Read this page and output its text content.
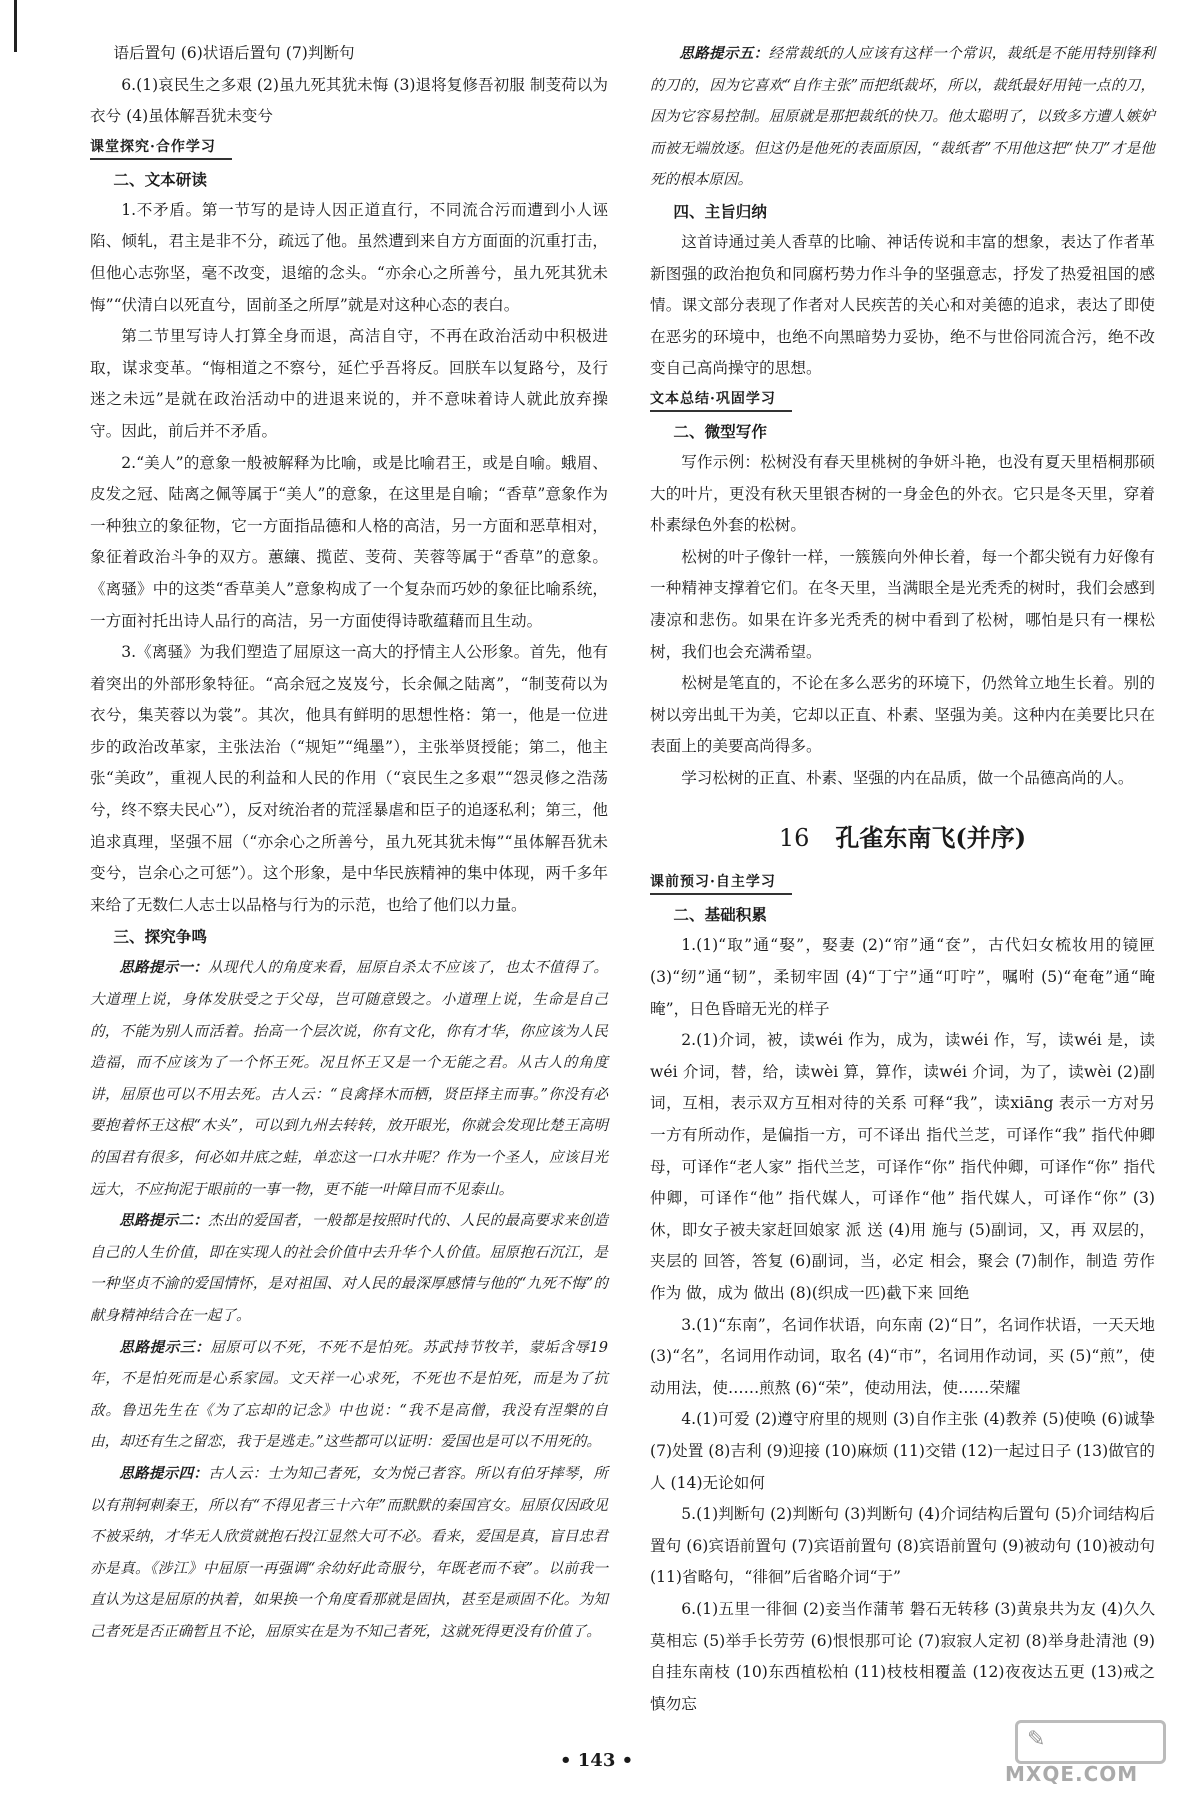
语后置句 (6)状语后置句 (7)判断句

6.(1)哀民生之多艰 (2)虽九死其犹未悔 (3)退将复修吾初服 制芰荷以为衣兮 (4)虽体解吾犹未变兮

课堂探究·合作学习
二、文本研读

1.不矛盾。第一节写的是诗人因正道直行，不同流合污而遭到小人诬陷、倾轧，君主是非不分，疏远了他。虽然遭到来自方方面面的沉重打击，但他心志弥坚，毫不改变，退缩的念头。“亦余心之所善兮，虽九死其犹未悔”“伏清白以死直兮，固前圣之所厚”就是对这种心态的表白。

第二节里写诗人打算全身而退，高洁自守，不再在政治活动中积极进取，谋求变革。“悔相道之不察兮，延伫乎吾将反。回朕车以复路兮，及行迷之未远”是就在政治活动中的进退来说的，并不意味着诗人就此放弃操守。因此，前后并不矛盾。

2.“美人”的意象一般被解释为比喻，或是比喻君王，或是自喻。蛾眉、皮发之冠、陆离之佩等属于“美人”的意象，在这里是自喻；“香草”意象作为一种独立的象征物，它一方面指品德和人格的高洁，另一方面和恶草相对，象征着政治斗争的双方。蕙纕、揽茝、芰荷、芙蓉等属于“香草”的意象。《离骚》中的这类“香草美人”意象构成了一个复杂而巧妙的象征比喻系统，一方面衬托出诗人品行的高洁，另一方面使得诗歌蕴藉而且生动。

3.《离骚》为我们塑造了屈原这一高大的抒情主人公形象。首先，他有着突出的外部形象特征。“高余冠之岌岌兮，长余佩之陆离”，“制芰荷以为衣兮，集芙蓉以为裳”。其次，他具有鲜明的思想性格：第一，他是一位进步的政治改革家，主张法治（“规矩”“绳墨”），主张举贤授能；第二，他主张“美政”，重视人民的利益和人民的作用（“哀民生之多艰”“怨灵修之浩荡兮，终不察夫民心”），反对统治者的荒淫暴虐和臣子的追逐私利；第三，他追求真理，坚强不屈（“亦余心之所善兮，虽九死其犹未悔”“虽体解吾犹未变兮，岂余心之可惩”）。这个形象，是中华民族精神的集中体现，两千多年来给了无数仁人志士以品格与行为的示范，也给了他们以力量。

三、探究争鸣

思路提示一：从现代人的角度来看，屈原自杀太不应该了，也太不值得了。大道理上说，身体发肤受之于父母，岂可随意毁之。小道理上说，生命是自己的，不能为别人而活着。抬高一个层次说，你有文化，你有才华，你应该为人民造福，而不应该为了一个怀王死。况且怀王又是一个无能之君。从古人的角度讲，屈原也可以不用去死。古人云：“良禽择木而栖，贤臣择主而事。”你没有必要抱着怀王这根“木头”，可以到九州去转转，放开眼光，你就会发现比楚王高明的国君有很多，何必如井底之蛙，单恋这一口水井呢？作为一个圣人，应该目光远大，不应拘泥于眼前的一事一物，更不能一叶障目而不见泰山。

思路提示二：杰出的爱国者，一般都是按照时代的、人民的最高要求来创造自己的人生价值，即在实现人的社会价值中去升华个人价值。屈原抱石沉江，是一种坚贞不渝的爱国情怀，是对祖国、对人民的最深厚感情与他的“九死不悔”的献身精神结合在一起了。

思路提示三：屈原可以不死，不死不是怕死。苏武持节牧羊，蒙垢含辱19年，不是怕死而是心系家园。文天祥一心求死，不死也不是怕死，而是为了抗敌。鲁迅先生在《为了忘却的记念》中也说：“我不是高僧，我没有涅槃的自由，却还有生之留恋，我于是逃走。”这些都可以证明：爱国也是可以不用死的。

思路提示四：古人云：士为知己者死，女为悦己者容。所以有伯牙摔琴，所以有荆轲刺秦王，所以有“不得见者三十六年”而默默的秦国宫女。屈原仅因政见不被采纳，才华无人欣赏就抱石投江显然大可不必。看来，爱国是真，盲目忠君亦是真。《涉江》中屈原一再强调“余幼好此奇服兮，年既老而不衰”。以前我一直认为这是屈原的执着，如果换一个角度看那就是固执，甚至是顽固不化。为知己者死是否正确暂且不论，屈原实在是为不知己者死，这就死得更没有价值了。

思路提示五：经常裁纸的人应该有这样一个常识，裁纸是不能用特别锋利的刀的，因为它喜欢“自作主张”而把纸裁坏，所以，裁纸最好用钝一点的刀，因为它容易控制。屈原就是那把裁纸的快刀。他太聪明了，以致多方遭人嫉妒而被无端放逐。但这仍是他死的表面原因，“裁纸者”不用他这把“快刀”才是他死的根本原因。

四、主旨归纳

这首诗通过美人香草的比喻、神话传说和丰富的想象，表达了作者革新图强的政治抱负和同腐朽势力作斗争的坚强意志，抒发了热爱祖国的感情。课文部分表现了作者对人民疾苦的关心和对美德的追求，表达了即使在恶劣的环境中，也绝不向黑暗势力妥协，绝不与世俗同流合污，绝不改变自己高尚操守的思想。

文本总结·巩固学习
二、微型写作

写作示例：松树没有春天里桃树的争妍斗艳，也没有夏天里梧桐那硕大的叶片，更没有秋天里银杏树的一身金色的外衣。它只是冬天里，穿着朴素绿色外套的松树。

松树的叶子像针一样，一簇簇向外伸长着，每一个都尖锐有力好像有一种精神支撑着它们。在冬天里，当满眼全是光秃秃的树时，我们会感到凄凉和悲伤。如果在许多光秃秃的树中看到了松树，哪怕是只有一棵松树，我们也会充满希望。

松树是笔直的，不论在多么恶劣的环境下，仍然耸立地生长着。别的树以旁出虬干为美，它却以正直、朴素、坚强为美。这种内在美要比只在表面上的美要高尚得多。

学习松树的正直、朴素、坚强的内在品质，做一个品德高尚的人。

16 孔雀东南飞(并序)
课前预习·自主学习
二、基础积累

1.(1)“取”通“娶”，娶妻 (2)“帘”通“奁”，古代妇女梳妆用的镜匣 (3)“纫”通“韧”，柔韧牢固 (4)“丁宁”通“叮咛”，嘱咐 (5)“奄奄”通“晻晻”，日色昏暗无光的样子

2.(1)介词，被，读wéi 作为，成为，读wéi 作，写，读wéi 是，读wéi 介词，替，给，读wèi 算，算作，读wéi 介词，为了，读wèi (2)副词，互相，表示双方互相对待的关系 可释“我”，读xiāng 表示一方对另一方有所动作，是偏指一方，可不译出 指代兰芝，可译作“我” 指代仲卿母，可译作“老人家” 指代兰芝，可译作“你” 指代仲卿，可译作“你” 指代仲卿，可译作“他” 指代媒人，可译作“他” 指代媒人，可译作“你” (3)休，即女子被夫家赶回娘家 派 送 (4)用 施与 (5)副词，又，再 双层的，夹层的 回答，答复 (6)副词，当，必定 相会，聚会 (7)制作，制造 劳作 作为 做，成为 做出 (8)(织成一匹)截下来 回绝

3.(1)“东南”，名词作状语，向东南 (2)“日”，名词作状语，一天天地 (3)“名”，名词用作动词，取名 (4)“市”，名词用作动词，买 (5)“煎”，使动用法，使……煎熬 (6)“荣”，使动用法，使……荣耀

4.(1)可爱 (2)遵守府里的规则 (3)自作主张 (4)教养 (5)使唤 (6)诚挚 (7)处置 (8)吉利 (9)迎接 (10)麻烦 (11)交错 (12)一起过日子 (13)做官的人 (14)无论如何

5.(1)判断句 (2)判断句 (3)判断句 (4)介词结构后置句 (5)介词结构后置句 (6)宾语前置句 (7)宾语前置句 (8)宾语前置句 (9)被动句 (10)被动句 (11)省略句，“徘徊”后省略介词“于”

6.(1)五里一徘徊 (2)妾当作蒲苇 磐石无转移 (3)黄泉共为友 (4)久久莫相忘 (5)举手长劳劳 (6)恨恨那可论 (7)寂寂人定初 (8)举身赴清池 (9)自挂东南枝 (10)东西植松柏 (11)枝枝相覆盖 (12)夜夜达五更 (13)戒之慎勿忘

• 143 •
✎
MXQE.COM
